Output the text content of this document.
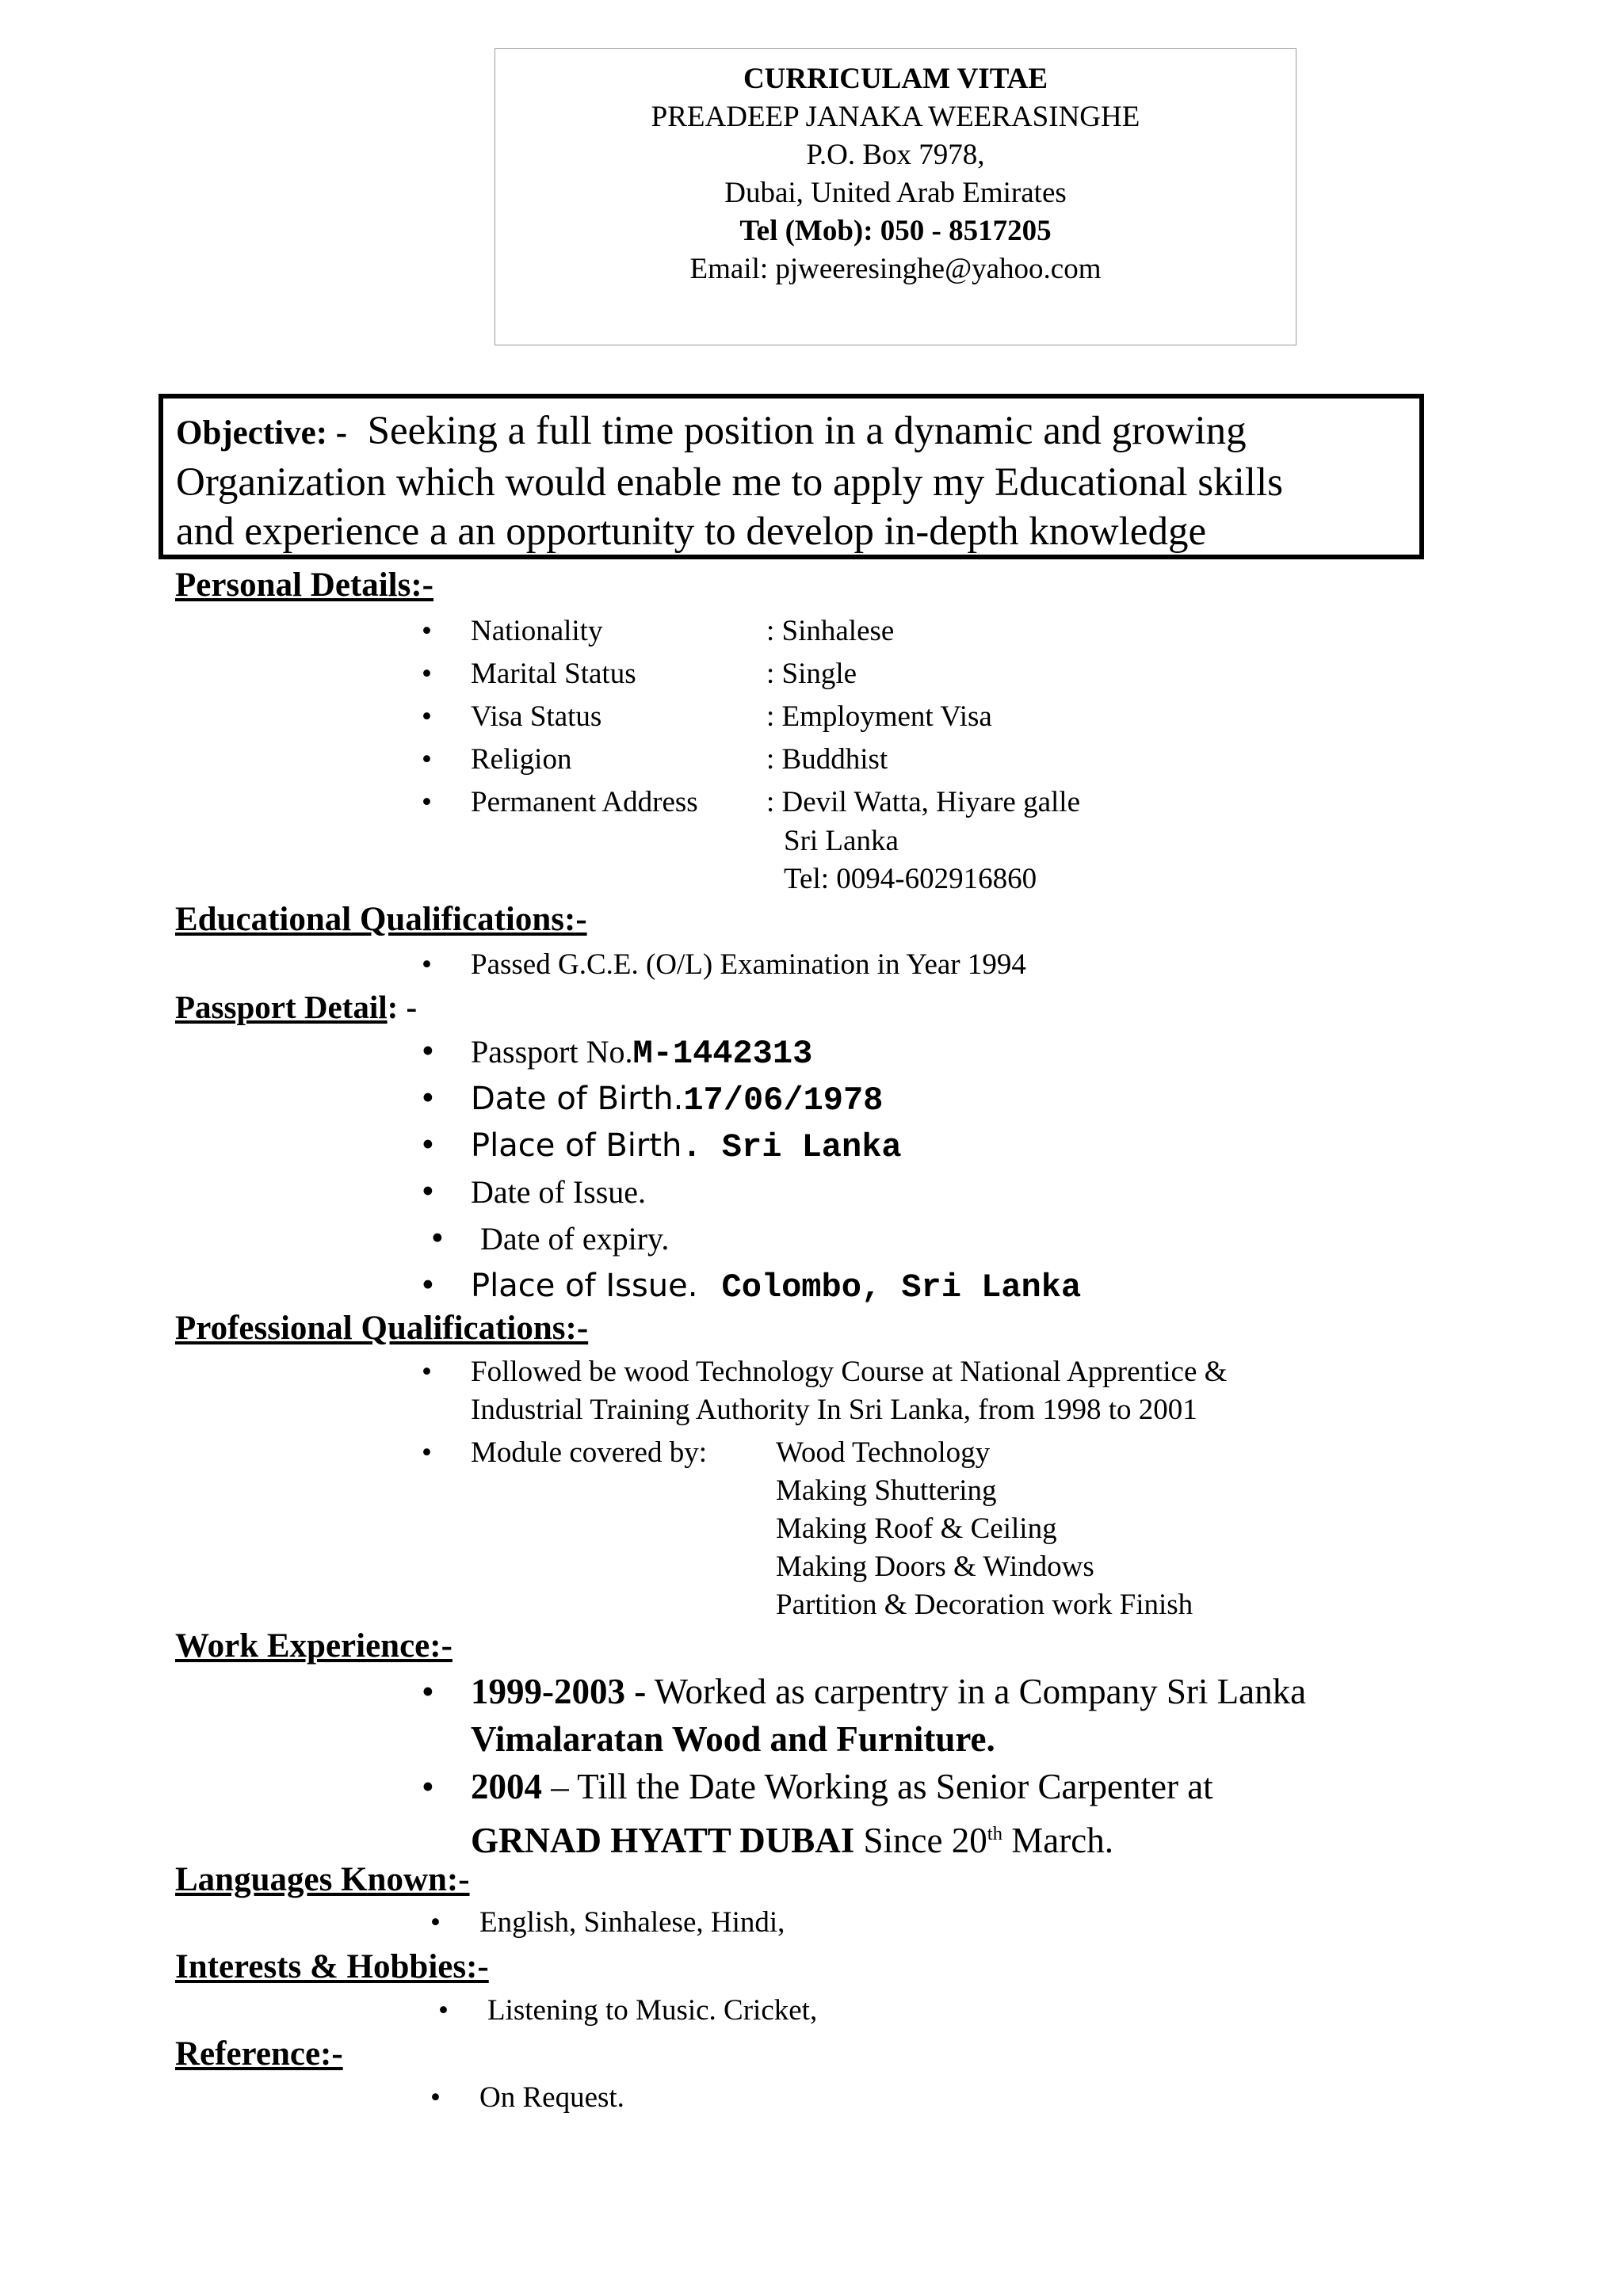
CURRICULAM VITAE
PREADEEP JANAKA WEERASINGHE
P.O. Box 7978,
Dubai, United Arab Emirates
Tel (Mob): 050 - 8517205
Email: pjweeresinghe@yahoo.com
Objective: - Seeking a full time position in a dynamic and growing
Organization which would enable me to apply my Educational skills
and experience a an opportunity to develop in-depth knowledge
Personal Details:-
• Nationality	: Sinhalese
• Marital Status	: Single
• Visa Status	: Employment Visa
• Religion	: Buddhist
• Permanent Address : Devil Watta, Hiyare galle
Sri Lanka
Tel: 0094-602916860
Educational Qualifications:-
• Passed G.C.E. (O/L) Examination in Year 1994
Passport Detail: -
• Passport No.M-1442313
• Date of Birth.17/06/1978
• Place of Birth. Sri Lanka
• Date of Issue.
• Date of expiry.
• Place of Issue. Colombo, Sri Lanka
Professional Qualifications:-
• Followed be wood Technology Course at National Apprentice &
Industrial Training Authority In Sri Lanka, from 1998 to 2001
• Module covered by: Wood Technology
Making Shuttering
Making Roof & Ceiling
Making Doors & Windows
Partition & Decoration work Finish
Work Experience:-
• 1999-2003 - Worked as carpentry in a Company Sri Lanka
Vimalaratan Wood and Furniture.
• 2004 – Till the Date Working as Senior Carpenter at
GRNAD HYATT DUBAI Since 20th March.
Languages Known:-
• English, Sinhalese, Hindi,
Interests & Hobbies:-
• Listening to Music. Cricket,
Reference:-
• On Request.
